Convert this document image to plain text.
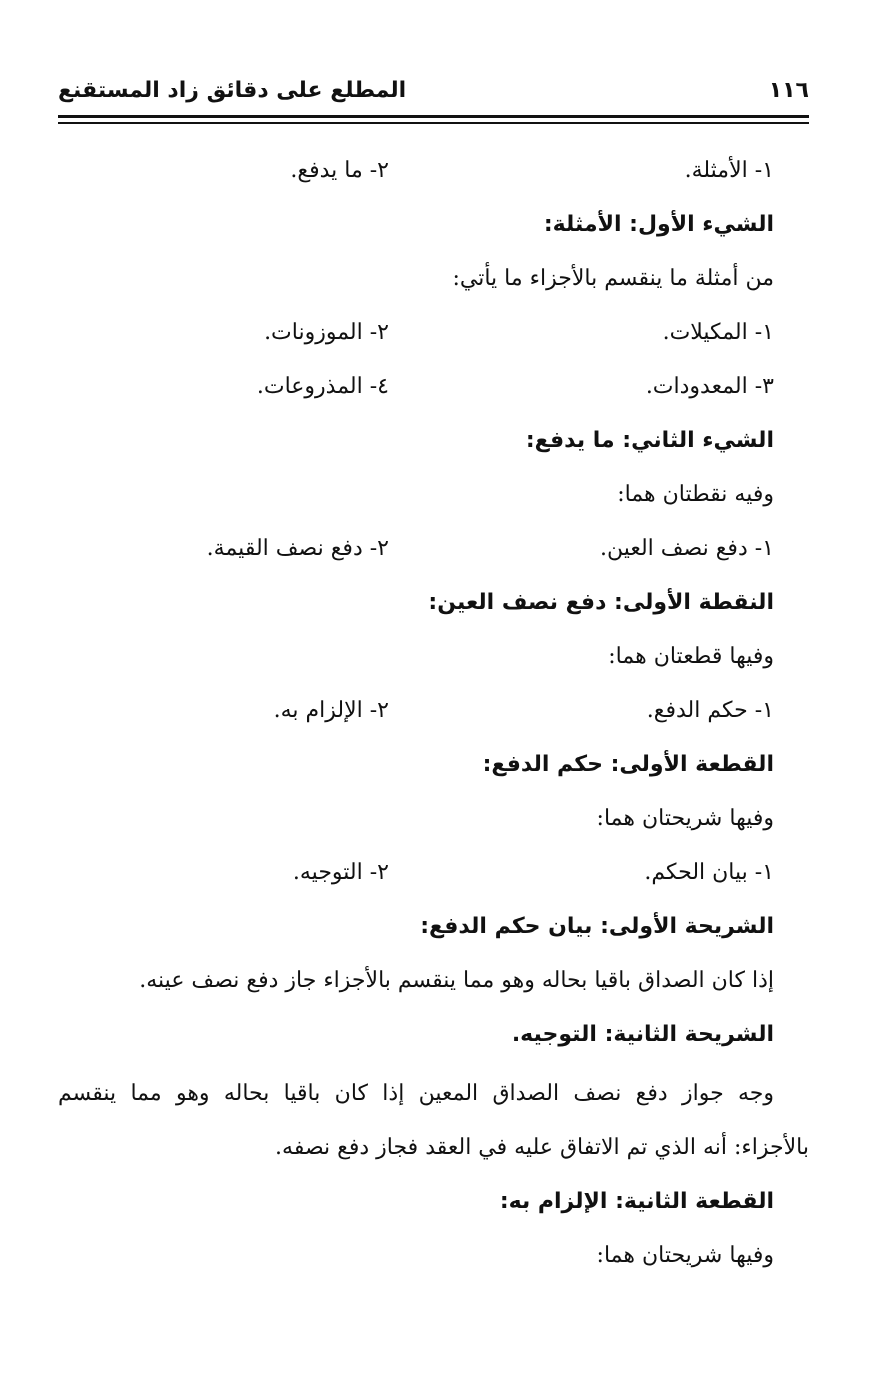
١١٦
المطلع على دقائق زاد المستقنع
١- الأمثلة.
٢- ما يدفع.
الشيء الأول: الأمثلة:
من أمثلة ما ينقسم بالأجزاء ما يأتي:
١- المكيلات.
٢- الموزونات.
٣- المعدودات.
٤- المذروعات.
الشيء الثاني: ما يدفع:
وفيه نقطتان هما:
١- دفع نصف العين.
٢- دفع نصف القيمة.
النقطة الأولى: دفع نصف العين:
وفيها قطعتان هما:
١- حكم الدفع.
٢- الإلزام به.
القطعة الأولى: حكم الدفع:
وفيها شريحتان هما:
١- بيان الحكم.
٢- التوجيه.
الشريحة الأولى: بيان حكم الدفع:
إذا كان الصداق باقيا بحاله وهو مما ينقسم بالأجزاء جاز دفع نصف عينه.
الشريحة الثانية: التوجيه.
وجه جواز دفع نصف الصداق المعين إذا كان باقيا بحاله وهو مما ينقسم
بالأجزاء: أنه الذي تم الاتفاق عليه في العقد فجاز دفع نصفه.
القطعة الثانية: الإلزام به:
وفيها شريحتان هما:
